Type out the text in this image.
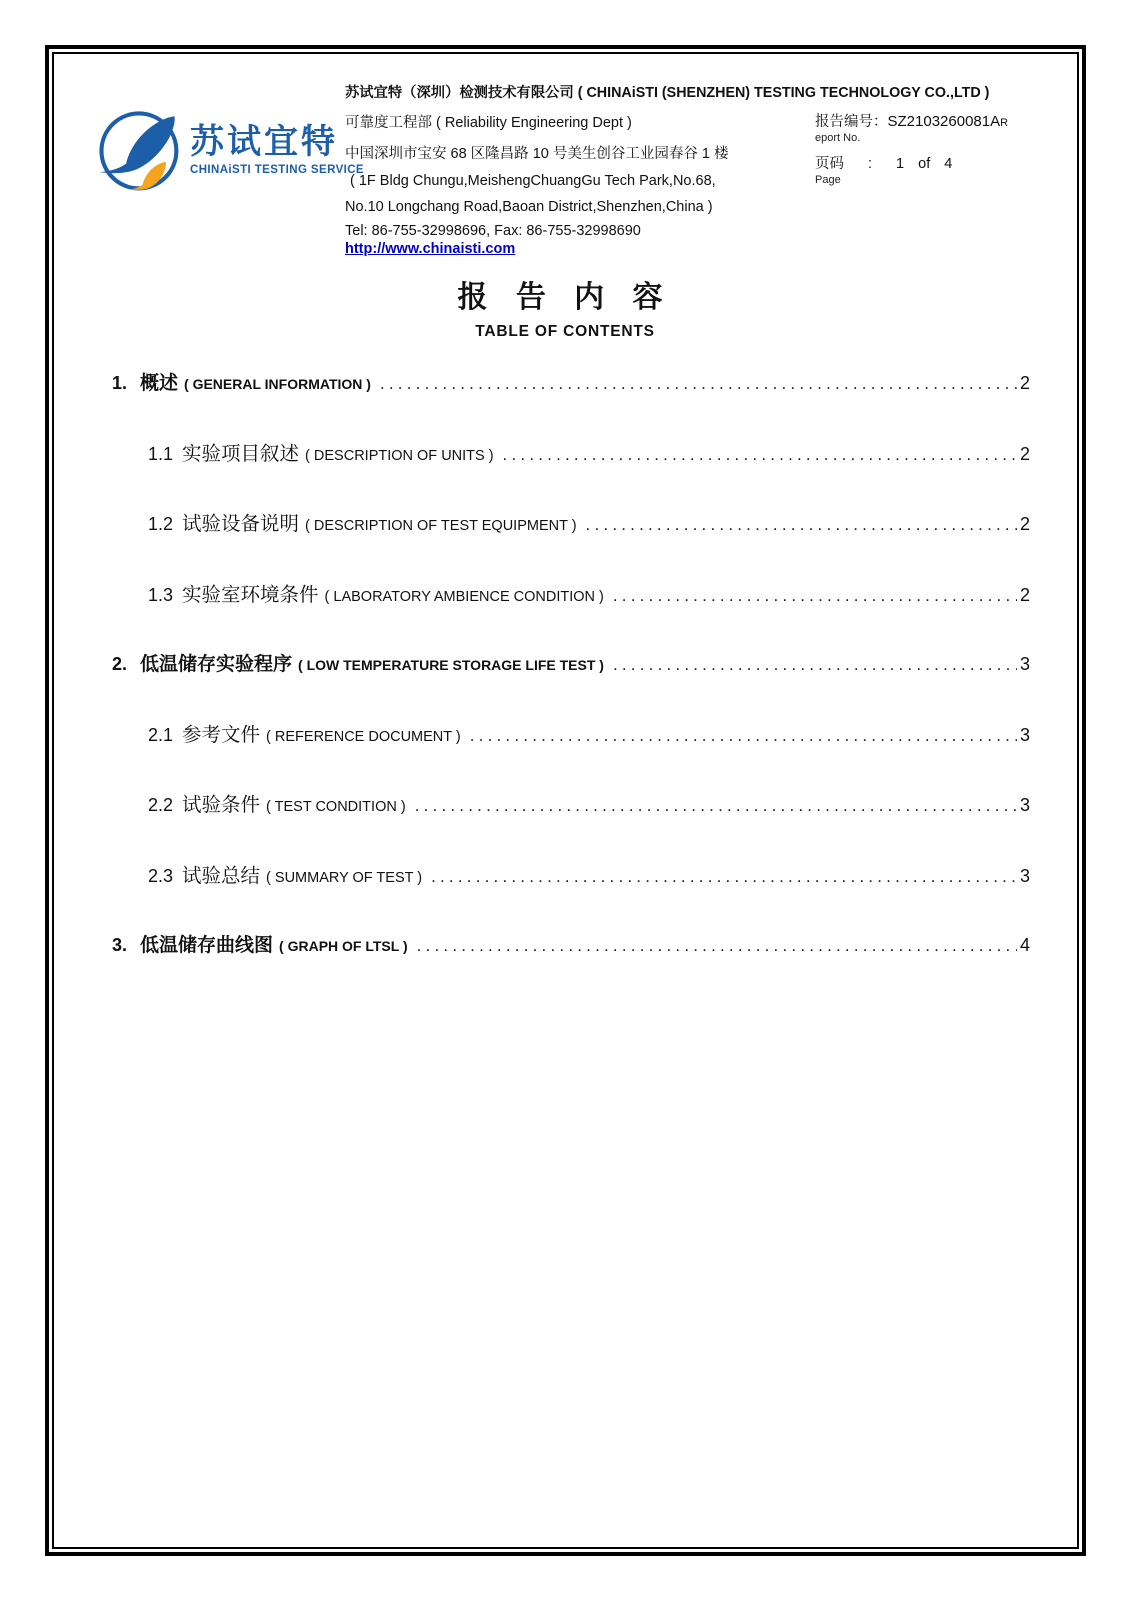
苏试宜特
CHINAiSTI TESTING SERVICE
苏试宜特（深圳）检测技术有限公司 ( CHINAiSTI (SHENZHEN) TESTING TECHNOLOGY CO.,LTD )
可靠度工程部 ( Reliability Engineering Dept )
中国深圳市宝安 68 区隆昌路 10 号美生创谷工业园春谷 1 楼
( 1F Bldg Chungu,MeishengChuangGu Tech Park,No.68,
No.10 Longchang Road,Baoan District,Shenzhen,China )
Tel: 86-755-32998696, Fax: 86-755-32998690
http://www.chinaisti.com
报告编号：SZ2103260081AR
eport No.
页码 : 1 of 4
Page
报 告 内 容
TABLE OF CONTENTS
1. 概述 ( GENERAL INFORMATION ) .....	2
1.1 实验项目叙述 ( DESCRIPTION OF UNITS ) .....	2
1.2 试验设备说明 ( DESCRIPTION OF TEST EQUIPMENT ) .....	2
1.3 实验室环境条件 ( LABORATORY AMBIENCE CONDITION ) .....	2
2. 低温储存实验程序 ( LOW TEMPERATURE STORAGE LIFE TEST ) .....	3
2.1 参考文件 ( REFERENCE DOCUMENT ) .....	3
2.2 试验条件 ( TEST CONDITION ) .....	3
2.3 试验总结 ( SUMMARY OF TEST ) .....	3
3. 低温储存曲线图 ( GRAPH OF LTSL ) .....	4
